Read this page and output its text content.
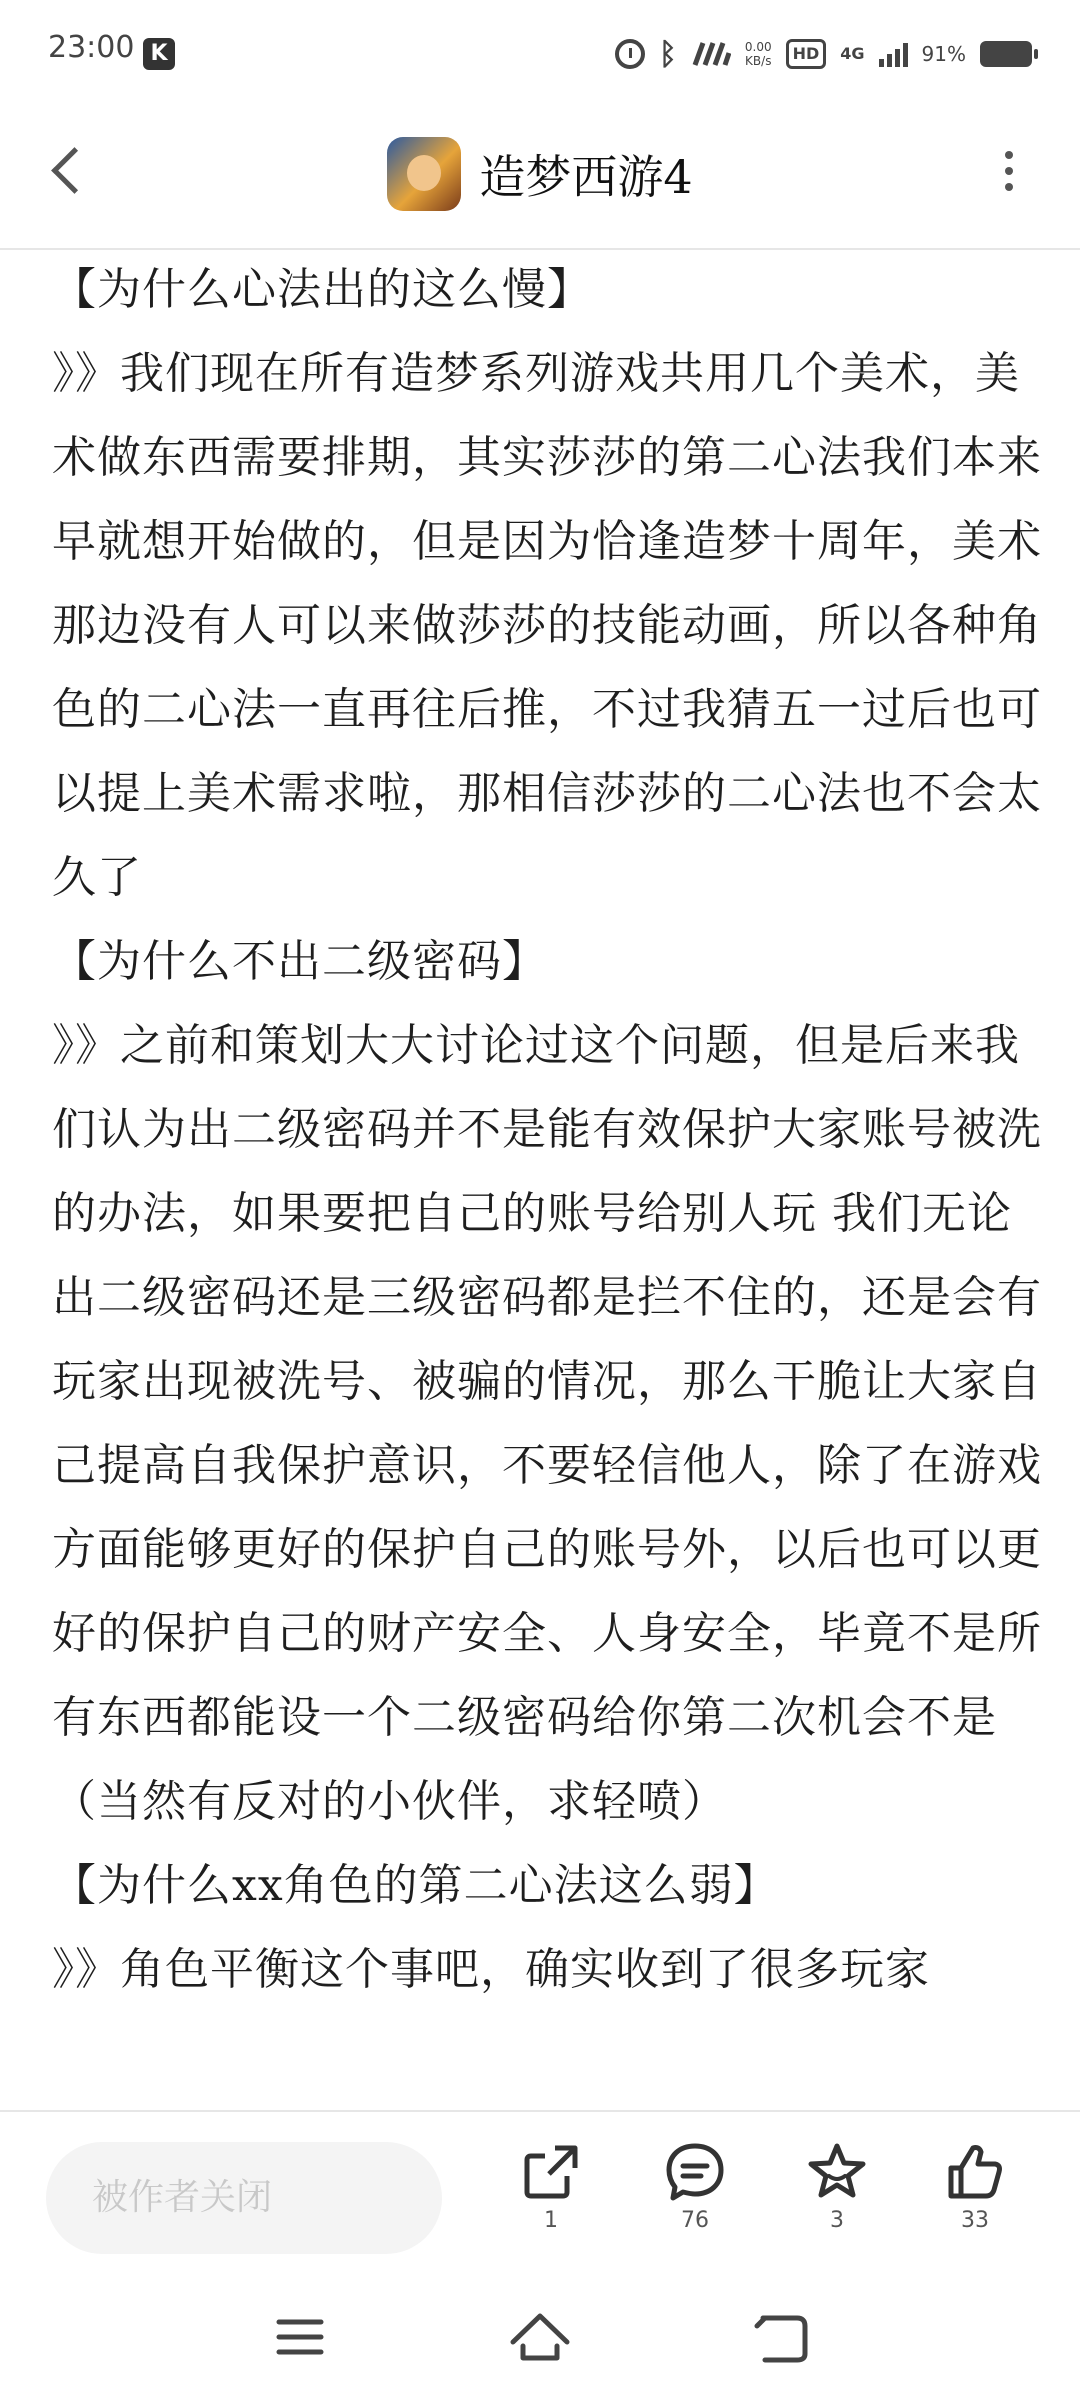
23:00 K	ᛒ	0.00
KB/s	HD	4G	91%
造梦西游4

【为什么心法出的这么慢】

》》我们现在所有造梦系列游戏共用几个美术，美术做东西需要排期，其实莎莎的第二心法我们本来早就想开始做的，但是因为恰逢造梦十周年，美术那边没有人可以来做莎莎的技能动画，所以各种角色的二心法一直再往后推，不过我猜五一过后也可以提上美术需求啦，那相信莎莎的二心法也不会太久了

【为什么不出二级密码】

》》之前和策划大大讨论过这个问题，但是后来我们认为出二级密码并不是能有效保护大家账号被洗的办法，如果要把自己的账号给别人玩 我们无论出二级密码还是三级密码都是拦不住的，还是会有玩家出现被洗号、被骗的情况，那么干脆让大家自己提高自我保护意识，不要轻信他人，除了在游戏方面能够更好的保护自己的账号外，以后也可以更好的保护自己的财产安全、人身安全，毕竟不是所有东西都能设一个二级密码给你第二次机会不是（当然有反对的小伙伴，求轻喷）

【为什么xx角色的第二心法这么弱】

》》角色平衡这个事吧，确实收到了很多玩家

被作者关闭
1	76	3	33
